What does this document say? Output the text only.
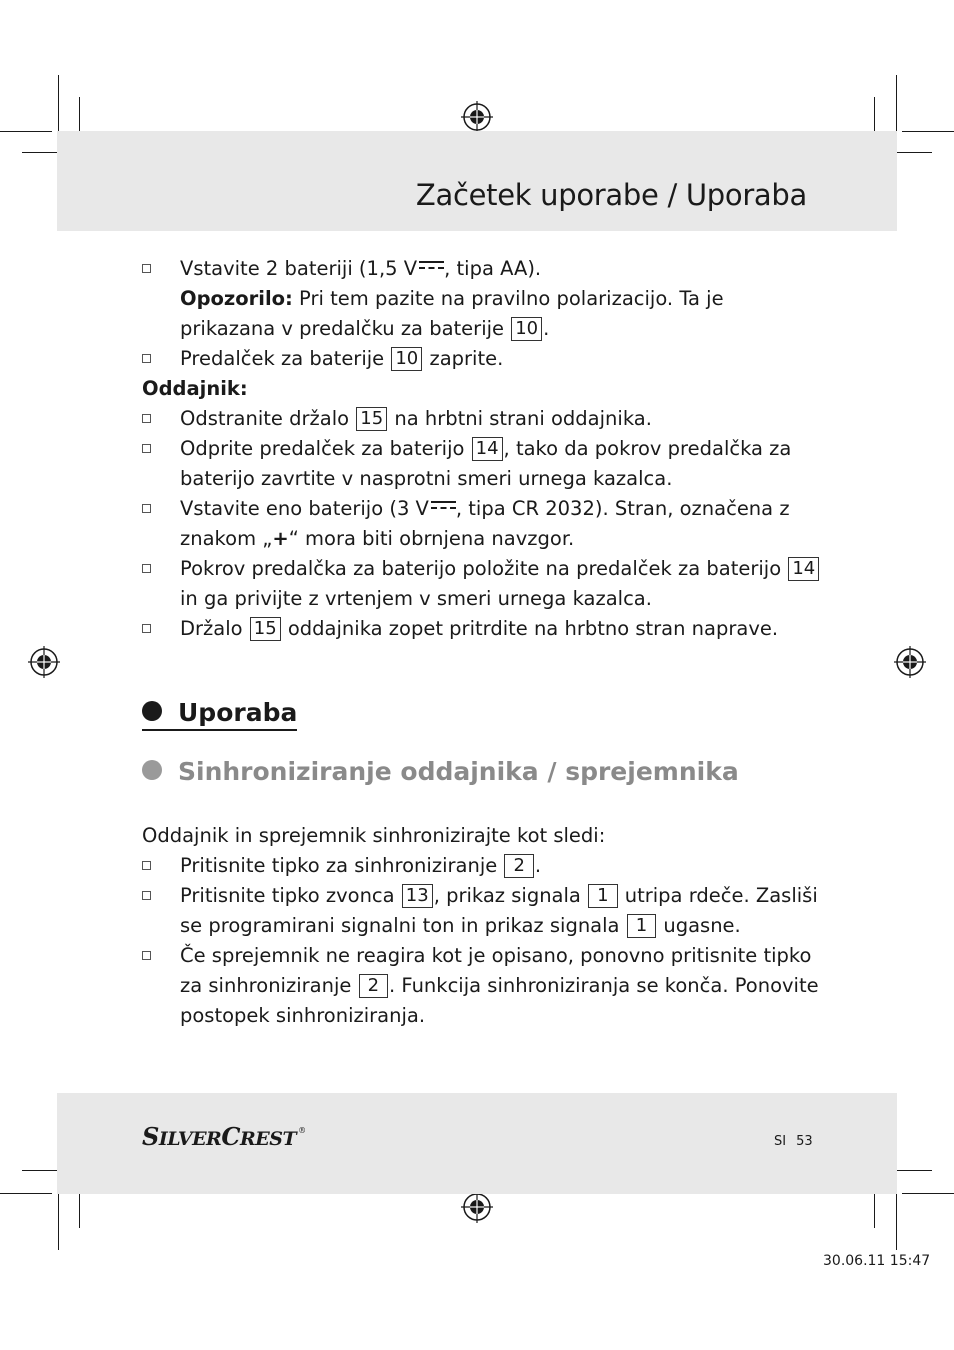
Začetek uporabe / Uporaba
Vstavite 2 bateriji (1,5 V , tipa AA).
Opozorilo: Pri tem pazite na pravilno polarizacijo. Ta je prikazana v predalčku za baterije 10 .
Predalček za baterije 10 zaprite.
Oddajnik:
Odstranite držalo 15 na hrbtni strani oddajnika.
Odprite predalček za baterijo 14 , tako da pokrov predalčka za baterijo zavrtite v nasprotni smeri urnega kazalca.
Vstavite eno baterijo (3 V , tipa CR 2032). Stran, označena z znakom „+“ mora biti obrnjena navzgor.
Pokrov predalčka za baterijo položite na predalček za baterijo 14 in ga privijte z vrtenjem v smeri urnega kazalca.
Držalo 15 oddajnika zopet pritrdite na hrbtno stran naprave.
Uporaba
Sinhroniziranje oddajnika / sprejemnika
Oddajnik in sprejemnik sinhronizirajte kot sledi:
Pritisnite tipko za sinhroniziranje 2 .
Pritisnite tipko zvonca 13 , prikaz signala 1 utripa rdeče. Zasliši se programirani signalni ton in prikaz signala 1 ugasne.
Če sprejemnik ne reagira kot je opisano, ponovno pritisnite tipko za sinhroniziranje 2 . Funkcija sinhroniziranja se konča. Ponovite postopek sinhroniziranja.
SILVERCREST ®
SI 53
30.06.11 15:47
